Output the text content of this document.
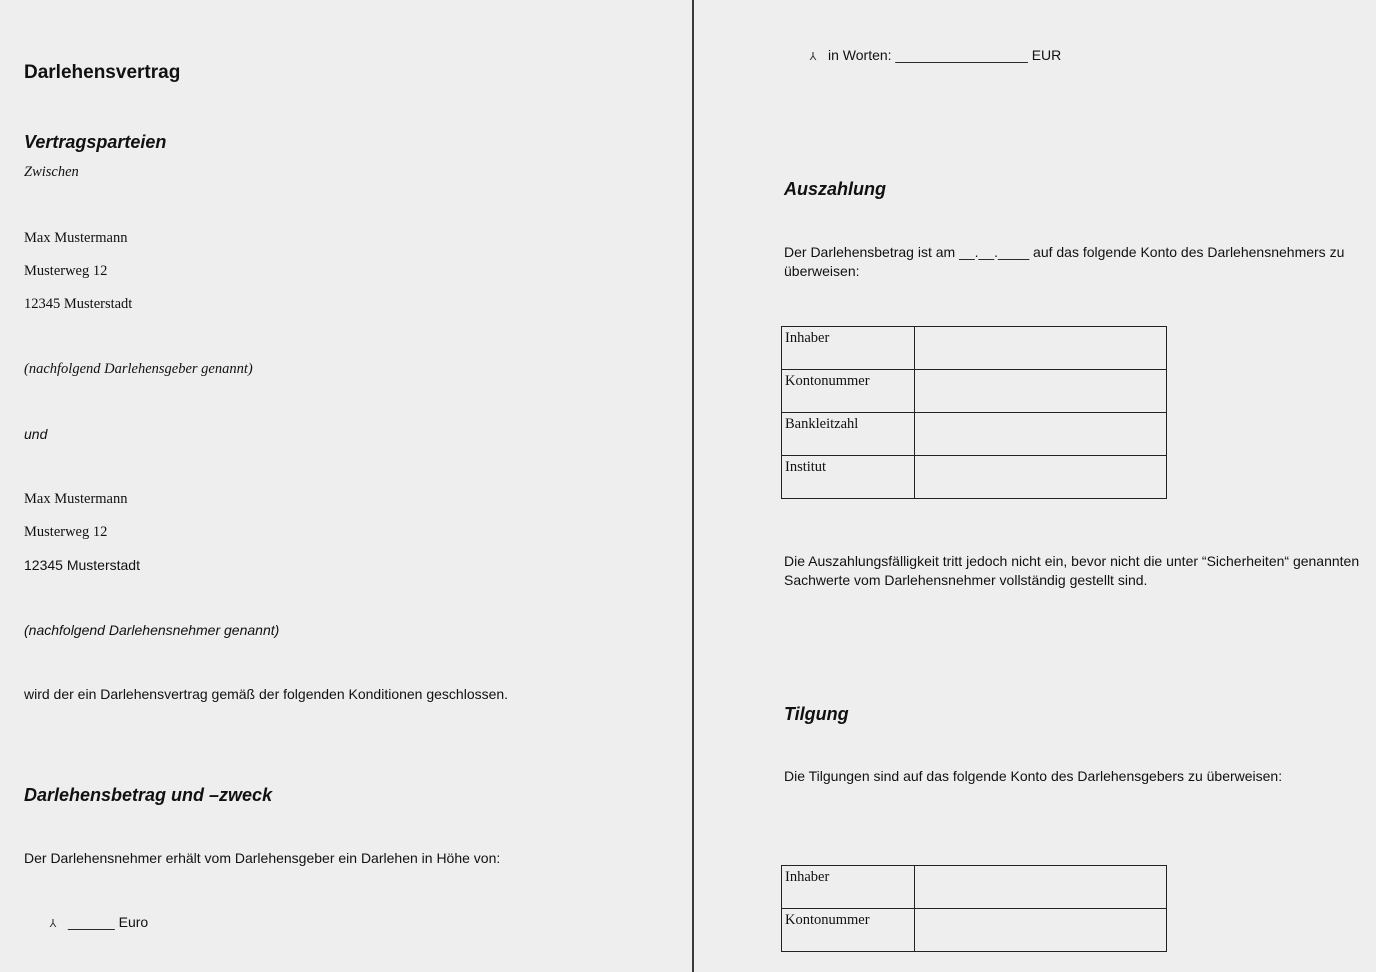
Darlehensvertrag
Vertragsparteien
Zwischen
Max Mustermann
Musterweg 12
12345 Musterstadt
(nachfolgend Darlehensgeber genannt)
und
Max Mustermann
Musterweg 12
12345 Musterstadt
(nachfolgend Darlehensnehmer genannt)
wird der ein Darlehensvertrag gemäß der folgenden Konditionen geschlossen.
Darlehensbetrag und –zweck
Der Darlehensnehmer erhält vom Darlehensgeber ein Darlehen in Höhe von:
⅄ ______ Euro
⅄ in Worten: _________________ EUR
Auszahlung
Der Darlehensbetrag ist am __.__.____ auf das folgende Konto des Darlehensnehmers zu überweisen:
Inhaber	
Kontonummer	
Bankleitzahl	
Institut	
Die Auszahlungsfälligkeit tritt jedoch nicht ein, bevor nicht die unter “Sicherheiten“ genannten Sachwerte vom Darlehensnehmer vollständig gestellt sind.
Tilgung
Die Tilgungen sind auf das folgende Konto des Darlehensgebers zu überweisen:
Inhaber	
Kontonummer	
